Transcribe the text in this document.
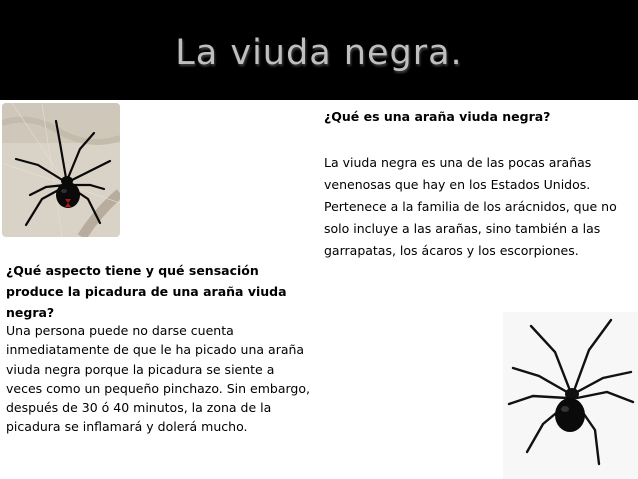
La viuda negra.
¿Qué es una araña viuda negra?
La viuda negra es una de las pocas arañas venenosas que hay en los Estados Unidos. Pertenece a la familia de los arácnidos, que no solo incluye a las arañas, sino también a las garrapatas, los ácaros y los escorpiones.
¿Qué aspecto tiene y qué sensación produce la picadura de una araña viuda negra?
Una persona puede no darse cuenta inmediatamente de que le ha picado una araña viuda negra porque la picadura se siente a veces como un pequeño pinchazo. Sin embargo, después de 30 ó 40 minutos, la zona de la picadura se inflamará y dolerá mucho.
